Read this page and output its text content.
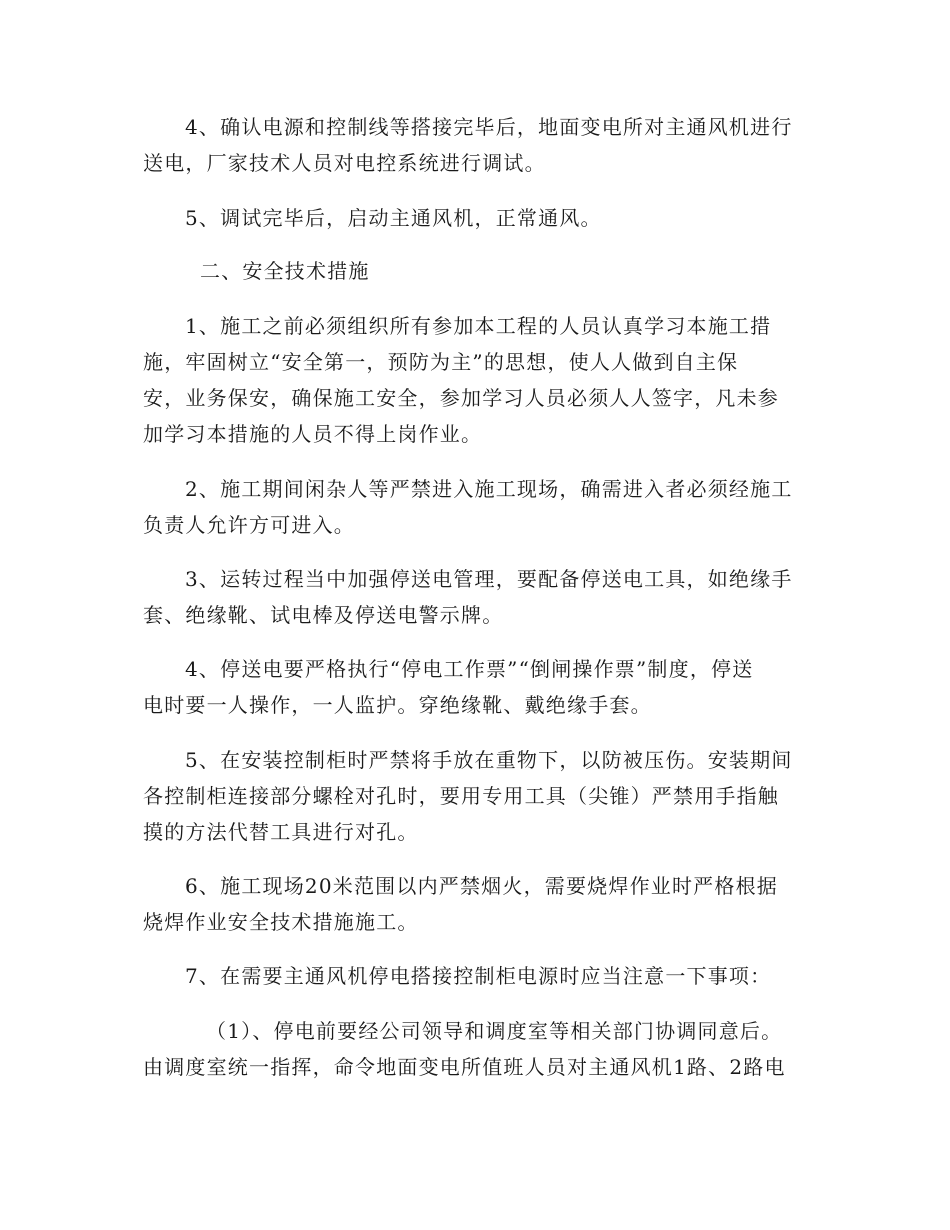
4、确认电源和控制线等搭接完毕后，地面变电所对主通风机进行
送电，厂家技术人员对电控系统进行调试。
5、调试完毕后，启动主通风机，正常通风。
二、安全技术措施
1、施工之前必须组织所有参加本工程的人员认真学习本施工措
施，牢固树立“安全第一，预防为主”的思想，使人人做到自主保
安，业务保安，确保施工安全，参加学习人员必须人人签字，凡未参
加学习本措施的人员不得上岗作业。
2、施工期间闲杂人等严禁进入施工现场，确需进入者必须经施工
负责人允许方可进入。
3、运转过程当中加强停送电管理，要配备停送电工具，如绝缘手
套、绝缘靴、试电棒及停送电警示牌。
4、停送电要严格执行“停电工作票”“倒闸操作票”制度，停送
电时要一人操作，一人监护。穿绝缘靴、戴绝缘手套。
5、在安装控制柜时严禁将手放在重物下，以防被压伤。安装期间
各控制柜连接部分螺栓对孔时，要用专用工具（尖锥）严禁用手指触
摸的方法代替工具进行对孔。
6、施工现场20米范围以内严禁烟火，需要烧焊作业时严格根据
烧焊作业安全技术措施施工。
7、在需要主通风机停电搭接控制柜电源时应当注意一下事项：
（1）、停电前要经公司领导和调度室等相关部门协调同意后。
由调度室统一指挥，命令地面变电所值班人员对主通风机1路、2路电
